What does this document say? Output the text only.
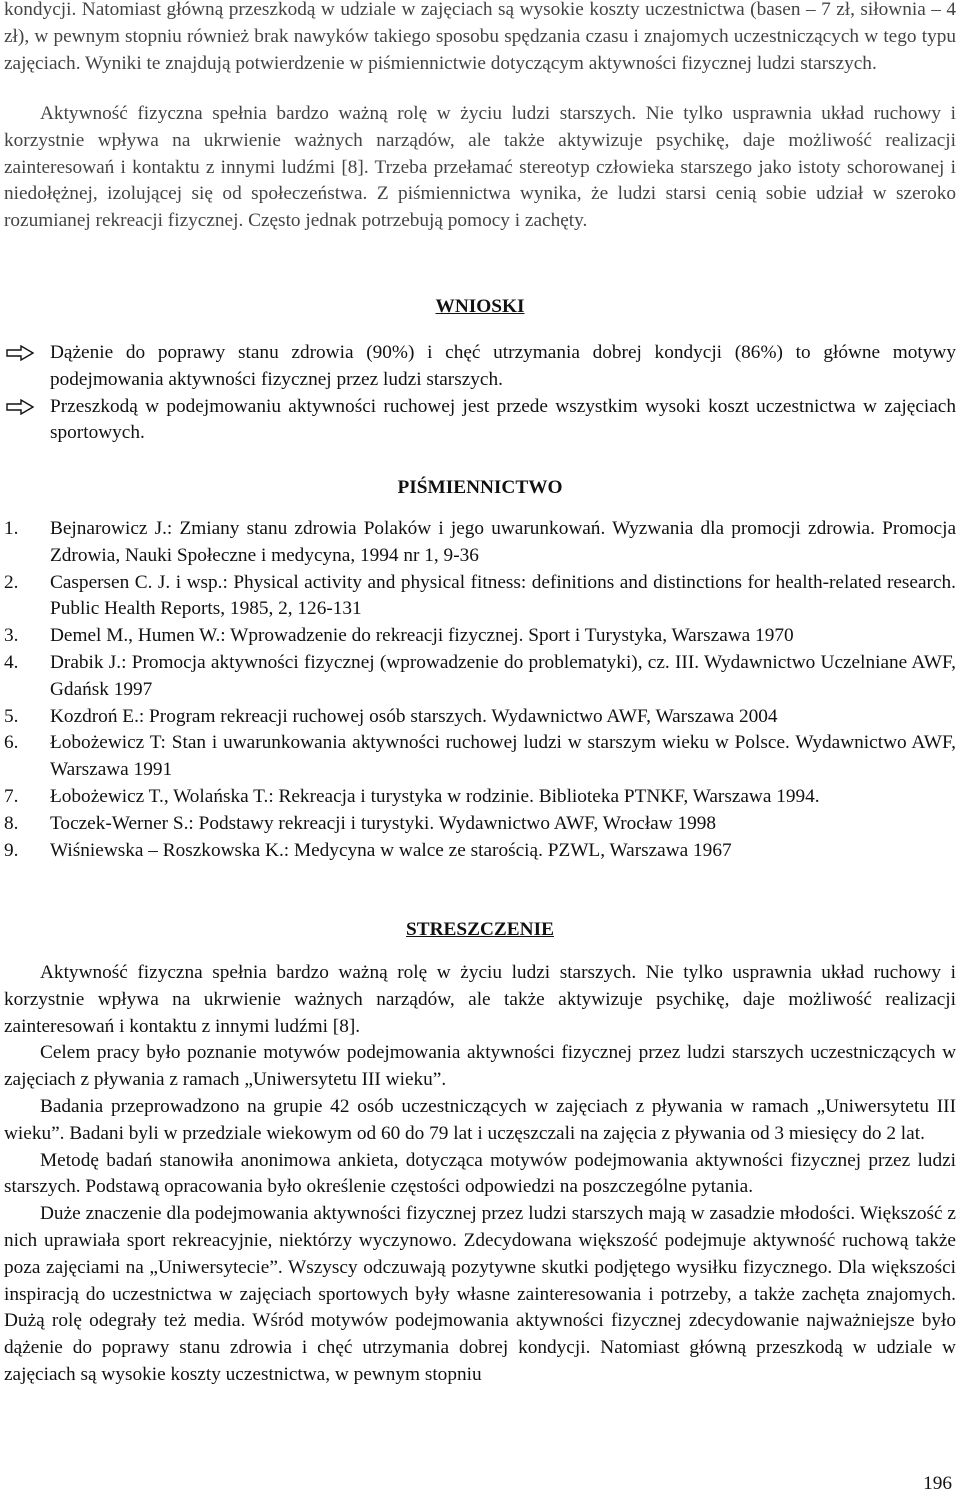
kondycji. Natomiast główną przeszkodą w udziale w zajęciach są wysokie koszty uczestnictwa (basen – 7 zł, siłownia – 4 zł), w pewnym stopniu również brak nawyków takiego sposobu spędzania czasu i znajomych uczestniczących w tego typu zajęciach. Wyniki te znajdują potwierdzenie w piśmiennictwie dotyczącym aktywności fizycznej ludzi starszych.

Aktywność fizyczna spełnia bardzo ważną rolę w życiu ludzi starszych. Nie tylko usprawnia układ ruchowy i korzystnie wpływa na ukrwienie ważnych narządów, ale także aktywizuje psychikę, daje możliwość realizacji zainteresowań i kontaktu z innymi ludźmi [8]. Trzeba przełamać stereotyp człowieka starszego jako istoty schorowanej i niedołężnej, izolującej się od społeczeństwa. Z piśmiennictwa wynika, że ludzi starsi cenią sobie udział w szeroko rozumianej rekreacji fizycznej. Często jednak potrzebują pomocy i zachęty.

WNIOSKI
Dążenie do poprawy stanu zdrowia (90%) i chęć utrzymania dobrej kondycji (86%) to główne motywy podejmowania aktywności fizycznej przez ludzi starszych.
Przeszkodą w podejmowaniu aktywności ruchowej jest przede wszystkim wysoki koszt uczestnictwa w zajęciach sportowych.
PIŚMIENNICTWO
1. Bejnarowicz J.: Zmiany stanu zdrowia Polaków i jego uwarunkowań. Wyzwania dla promocji zdrowia. Promocja Zdrowia, Nauki Społeczne i medycyna, 1994 nr 1, 9-36
2. Caspersen C. J. i wsp.: Physical activity and physical fitness: definitions and distinctions for health-related research. Public Health Reports, 1985, 2, 126-131
3. Demel M., Humen W.: Wprowadzenie do rekreacji fizycznej. Sport i Turystyka, Warszawa 1970
4. Drabik J.: Promocja aktywności fizycznej (wprowadzenie do problematyki), cz. III. Wydawnictwo Uczelniane AWF, Gdańsk 1997
5. Kozdroń E.: Program rekreacji ruchowej osób starszych. Wydawnictwo AWF, Warszawa 2004
6. Łobożewicz T: Stan i uwarunkowania aktywności ruchowej ludzi w starszym wieku w Polsce. Wydawnictwo AWF, Warszawa 1991
7. Łobożewicz T., Wolańska T.: Rekreacja i turystyka w rodzinie. Biblioteka PTNKF, Warszawa 1994.
8. Toczek-Werner S.: Podstawy rekreacji i turystyki. Wydawnictwo AWF, Wrocław 1998
9. Wiśniewska – Roszkowska K.: Medycyna w walce ze starością. PZWL, Warszawa 1967
STRESZCZENIE

Aktywność fizyczna spełnia bardzo ważną rolę w życiu ludzi starszych. Nie tylko usprawnia układ ruchowy i korzystnie wpływa na ukrwienie ważnych narządów, ale także aktywizuje psychikę, daje możliwość realizacji zainteresowań i kontaktu z innymi ludźmi [8].

Celem pracy było poznanie motywów podejmowania aktywności fizycznej przez ludzi starszych uczestniczących w zajęciach z pływania z ramach „Uniwersytetu III wieku”.

Badania przeprowadzono na grupie 42 osób uczestniczących w zajęciach z pływania w ramach „Uniwersytetu III wieku”. Badani byli w przedziale wiekowym od 60 do 79 lat i uczęszczali na zajęcia z pływania od 3 miesięcy do 2 lat.

Metodę badań stanowiła anonimowa ankieta, dotycząca motywów podejmowania aktywności fizycznej przez ludzi starszych. Podstawą opracowania było określenie częstości odpowiedzi na poszczególne pytania.

Duże znaczenie dla podejmowania aktywności fizycznej przez ludzi starszych mają w zasadzie młodości. Większość z nich uprawiała sport rekreacyjnie, niektórzy wyczynowo. Zdecydowana większość podejmuje aktywność ruchową także poza zajęciami na „Uniwersytecie”. Wszyscy odczuwają pozytywne skutki podjętego wysiłku fizycznego. Dla większości inspiracją do uczestnictwa w zajęciach sportowych były własne zainteresowania i potrzeby, a także zachęta znajomych. Dużą rolę odegrały też media. Wśród motywów podejmowania aktywności fizycznej zdecydowanie najważniejsze było dążenie do poprawy stanu zdrowia i chęć utrzymania dobrej kondycji. Natomiast główną przeszkodą w udziale w zajęciach są wysokie koszty uczestnictwa, w pewnym stopniu

196
